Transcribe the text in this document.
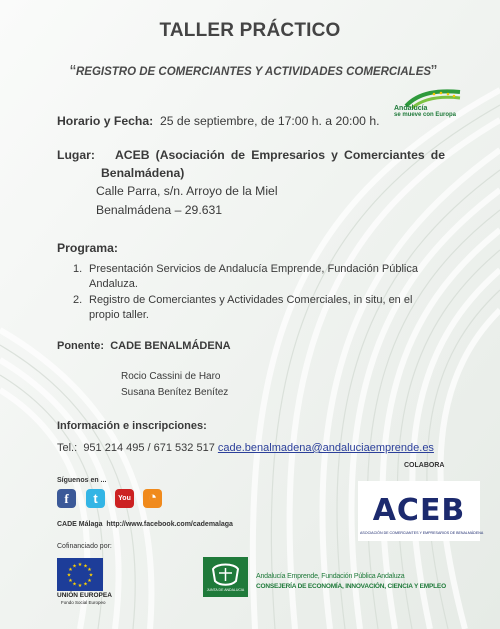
TALLER PRÁCTICO
“REGISTRO DE COMERCIANTES Y ACTIVIDADES COMERCIALES”
Andalucía
se mueve con Europa
Horario y Fecha: 25 de septiembre, de 17:00 h. a 20:00 h.
Lugar: ACEB (Asociación de Empresarios y Comerciantes de
Benalmádena)
Calle Parra, s/n. Arroyo de la Miel
Benalmádena – 29.631
Programa:
1. Presentación Servicios de Andalucía Emprende, Fundación Pública
Andaluza.
2. Registro de Comerciantes y Actividades Comerciales, in situ, en el
propio taller.
Ponente: CADE BENALMÁDENA
Rocio Cassini de Haro
Susana Benítez Benítez
Información e inscripciones:
Tel.: 951 214 495 / 671 532 517 cade.benalmadena@andaluciaemprende.es
COLABORA
Síguenos en ...
f	t	You	◔
CADE Málaga http://www.facebook.com/cademalaga	ACEB
ASOCIACIÓN DE COMERCIANTES Y EMPRESARIOS DE BENALMÁDENA
Cofinanciado por:
★ ★
★
★
★
★
★
★
★
★
★
★
UNIÓN EUROPEA
Fondo Social Europeo
JUNTA DE ANDALUCIA
Andalucía Emprende, Fundación Pública Andaluza
CONSEJERÍA DE ECONOMÍA, INNOVACIÓN, CIENCIA Y EMPLEO
